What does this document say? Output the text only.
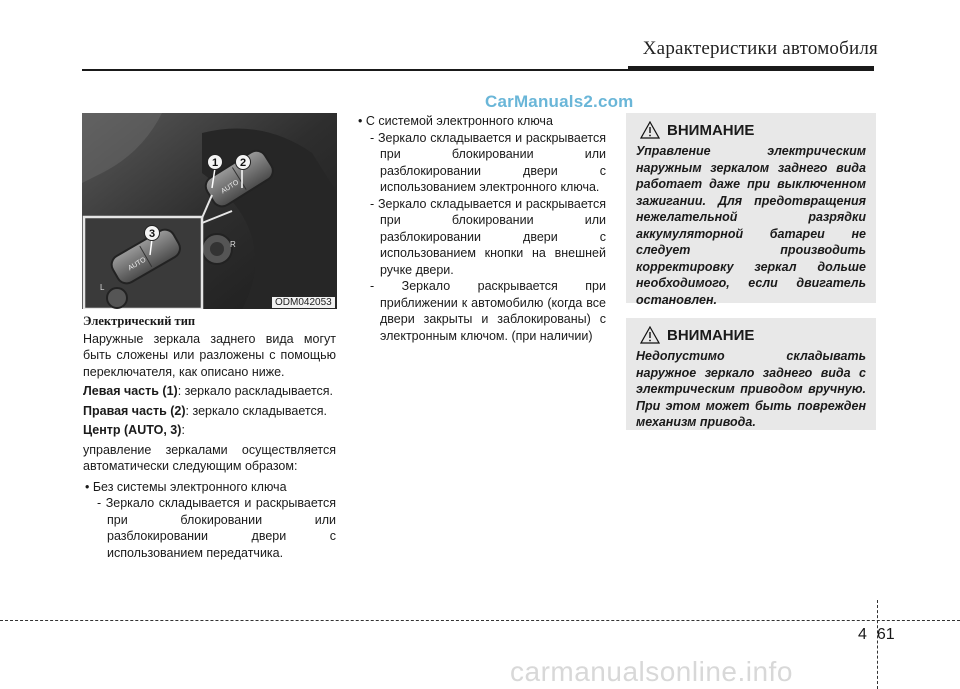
Характеристики автомобиля
CarManuals2.com
AUTO
R
AUTO
L
1 2
3
ODM042053
Электрический тип

Наружные зеркала заднего вида могут быть сложены или разложены с помощью переключателя, как описано ниже.

Левая часть (1): зеркало раскладывается.

Правая часть (2): зеркало складывается.

Центр (AUTO, 3):

управление зеркалами осуществляется автоматически следующим образом:

• Без системы электронного ключа

- Зеркало складывается и раскрывается при блокировании или разблокировании двери с использованием передатчика.

• С системой электронного ключа

- Зеркало складывается и раскрывается при блокировании или разблокировании двери с использованием электронного ключа.

- Зеркало складывается и раскрывается при блокировании или разблокировании двери с использованием кнопки на внешней ручке двери.

- Зеркало раскрывается при приближении к автомобилю (когда все двери закрыты и заблокированы) с электронным ключом. (при наличии)

ВНИМАНИЕ

Управление электрическим наружным зеркалом заднего вида работает даже при выключенном зажигании. Для предотвращения нежелательной разрядки аккумуляторной батареи не следует производить корректировку зеркал дольше необходимого, если двигатель остановлен.

ВНИМАНИЕ

Недопустимо складывать наружное зеркало заднего вида с электрическим приводом вручную. При этом может быть поврежден механизм привода.

4 61
carmanualsonline.info
